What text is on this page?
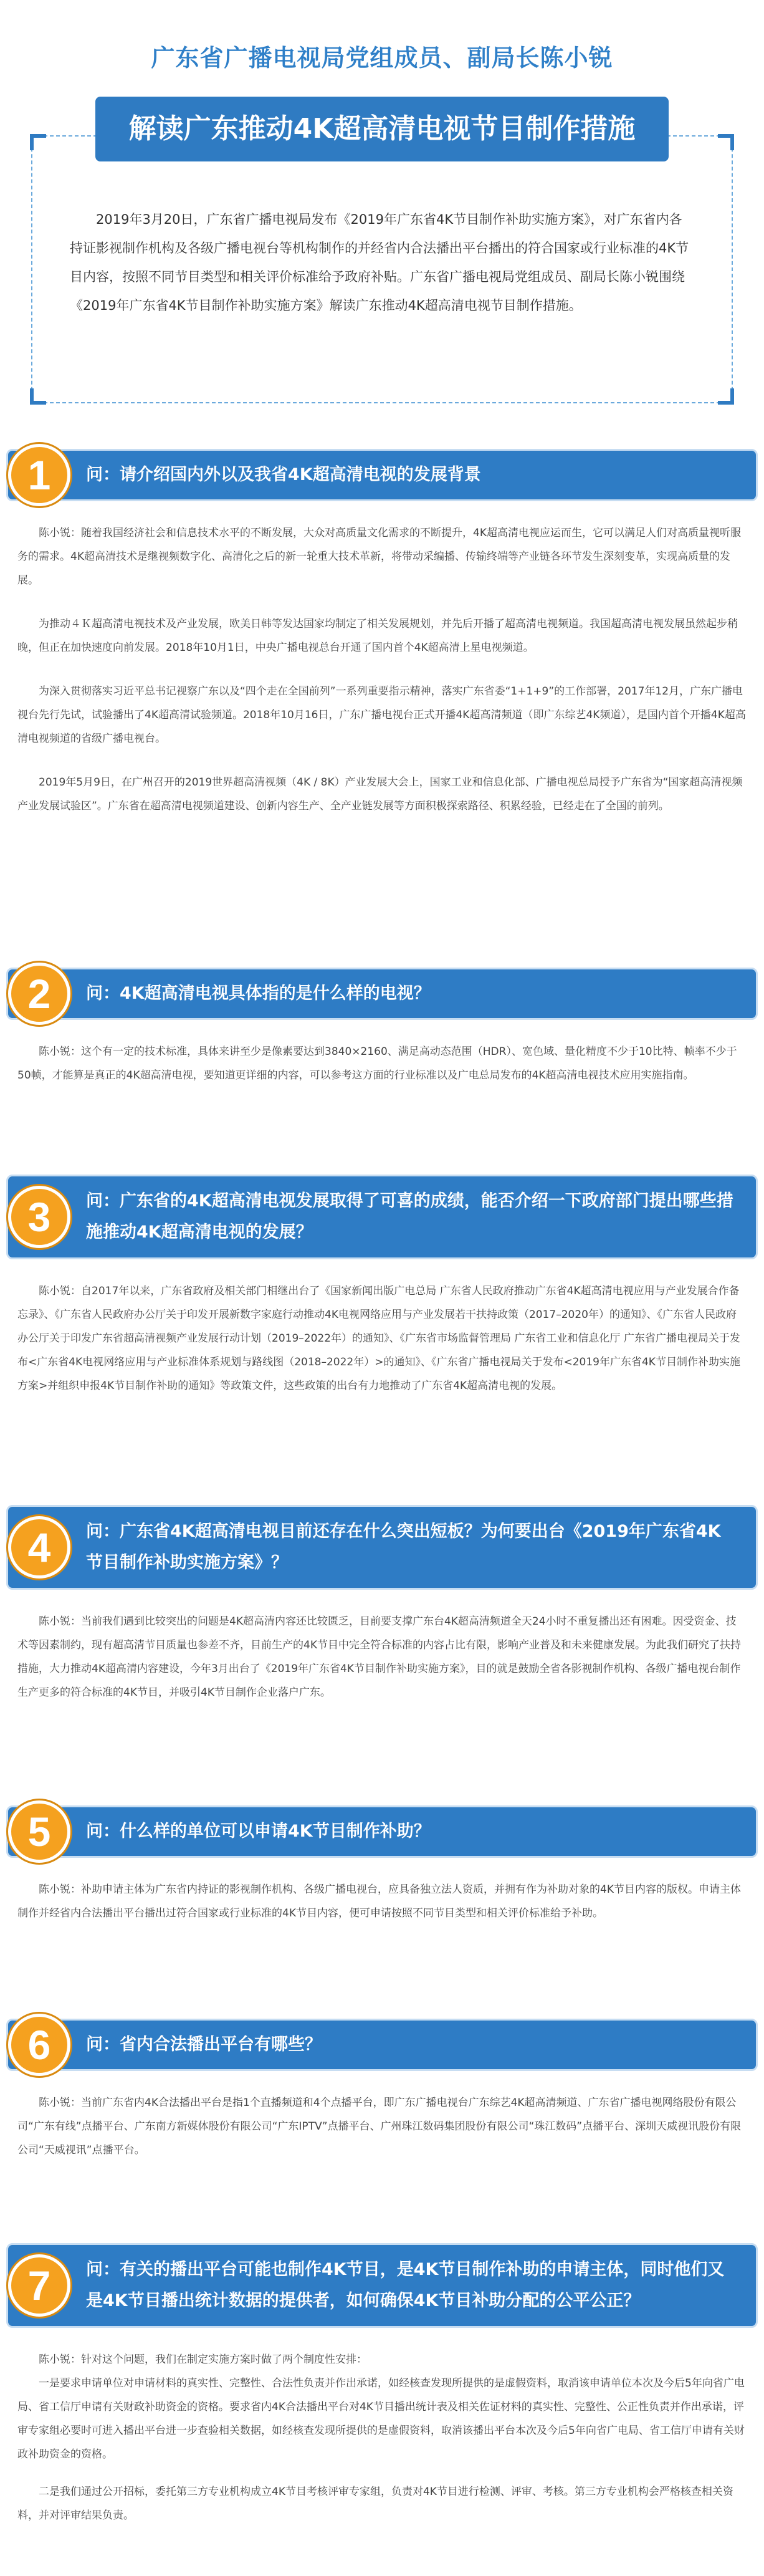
广东省广播电视局党组成员、副局长陈小锐
解读广东推动4K超高清电视节目制作措施

2019年3月20日，广东省广播电视局发布《2019年广东省4K节目制作补助实施方案》，对广东省内各持证影视制作机构及各级广播电视台等机构制作的并经省内合法播出平台播出的符合国家或行业标准的4K节目内容，按照不同节目类型和相关评价标准给予政府补贴。广东省广播电视局党组成员、副局长陈小锐围绕《2019年广东省4K节目制作补助实施方案》解读广东推动4K超高清电视节目制作措施。

1	问：请介绍国内外以及我省4K超高清电视的发展背景

陈小锐：随着我国经济社会和信息技术水平的不断发展，大众对高质量文化需求的不断提升，4K超高清电视应运而生，它可以满足人们对高质量视听服务的需求。4K超高清技术是继视频数字化、高清化之后的新一轮重大技术革新，将带动采编播、传输终端等产业链各环节发生深刻变革，实现高质量的发展。

为推动４Ｋ超高清电视技术及产业发展，欧美日韩等发达国家均制定了相关发展规划，并先后开播了超高清电视频道。我国超高清电视发展虽然起步稍晚，但正在加快速度向前发展。2018年10月1日，中央广播电视总台开通了国内首个4K超高清上星电视频道。

为深入贯彻落实习近平总书记视察广东以及“四个走在全国前列”一系列重要指示精神，落实广东省委“1+1+9”的工作部署，2017年12月，广东广播电视台先行先试，试验播出了4K超高清试验频道。2018年10月16日，广东广播电视台正式开播4K超高清频道（即广东综艺4K频道），是国内首个开播4K超高清电视频道的省级广播电视台。

2019年5月9日，在广州召开的2019世界超高清视频（4K / 8K）产业发展大会上，国家工业和信息化部、广播电视总局授予广东省为“国家超高清视频产业发展试验区”。广东省在超高清电视频道建设、创新内容生产、全产业链发展等方面积极探索路径、积累经验，已经走在了全国的前列。

2	问：4K超高清电视具体指的是什么样的电视？

陈小锐：这个有一定的技术标准，具体来讲至少是像素要达到3840×2160、满足高动态范围（HDR）、宽色域、量化精度不少于10比特、帧率不少于50帧，才能算是真正的4K超高清电视，要知道更详细的内容，可以参考这方面的行业标准以及广电总局发布的4K超高清电视技术应用实施指南。

3	问：广东省的4K超高清电视发展取得了可喜的成绩，能否介绍一下政府部门提出哪些措施推动4K超高清电视的发展？

陈小锐：自2017年以来，广东省政府及相关部门相继出台了《国家新闻出版广电总局 广东省人民政府推动广东省4K超高清电视应用与产业发展合作备忘录》、《广东省人民政府办公厅关于印发开展新数字家庭行动推动4K电视网络应用与产业发展若干扶持政策（2017–2020年）的通知》、《广东省人民政府办公厅关于印发广东省超高清视频产业发展行动计划（2019–2022年）的通知》、《广东省市场监督管理局 广东省工业和信息化厅 广东省广播电视局关于发布<广东省4K电视网络应用与产业标准体系规划与路线图（2018–2022年）>的通知》、《广东省广播电视局关于发布<2019年广东省4K节目制作补助实施方案>并组织申报4K节目制作补助的通知》等政策文件，这些政策的出台有力地推动了广东省4K超高清电视的发展。

4	问：广东省4K超高清电视目前还存在什么突出短板？为何要出台《2019年广东省4K节目制作补助实施方案》？

陈小锐：当前我们遇到比较突出的问题是4K超高清内容还比较匮乏，目前要支撑广东台4K超高清频道全天24小时不重复播出还有困难。因受资金、技术等因素制约，现有超高清节目质量也参差不齐，目前生产的4K节目中完全符合标准的内容占比有限，影响产业普及和未来健康发展。为此我们研究了扶持措施，大力推动4K超高清内容建设，今年3月出台了《2019年广东省4K节目制作补助实施方案》，目的就是鼓励全省各影视制作机构、各级广播电视台制作生产更多的符合标准的4K节目，并吸引4K节目制作企业落户广东。

5	问：什么样的单位可以申请4K节目制作补助？

陈小锐：补助申请主体为广东省内持证的影视制作机构、各级广播电视台，应具备独立法人资质，并拥有作为补助对象的4K节目内容的版权。申请主体制作并经省内合法播出平台播出过符合国家或行业标准的4K节目内容，便可申请按照不同节目类型和相关评价标准给予补助。

6	问：省内合法播出平台有哪些？

陈小锐：当前广东省内4K合法播出平台是指1个直播频道和4个点播平台，即广东广播电视台广东综艺4K超高清频道、广东省广播电视网络股份有限公司“广东有线”点播平台、广东南方新媒体股份有限公司“广东IPTV”点播平台、广州珠江数码集团股份有限公司“珠江数码”点播平台、深圳天威视讯股份有限公司“天威视讯”点播平台。

7	问：有关的播出平台可能也制作4K节目，是4K节目制作补助的申请主体，同时他们又是4K节目播出统计数据的提供者，如何确保4K节目补助分配的公平公正？

陈小锐：针对这个问题，我们在制定实施方案时做了两个制度性安排：

一是要求申请单位对申请材料的真实性、完整性、合法性负责并作出承诺，如经核查发现所提供的是虚假资料，取消该申请单位本次及今后5年向省广电局、省工信厅申请有关财政补助资金的资格。要求省内4K合法播出平台对4K节目播出统计表及相关佐证材料的真实性、完整性、公正性负责并作出承诺，评审专家组必要时可进入播出平台进一步查验相关数据，如经核查发现所提供的是虚假资料，取消该播出平台本次及今后5年向省广电局、省工信厅申请有关财政补助资金的资格。

二是我们通过公开招标，委托第三方专业机构成立4K节目考核评审专家组，负责对4K节目进行检测、评审、考核。第三方专业机构会严格核查相关资料，并对评审结果负责。
